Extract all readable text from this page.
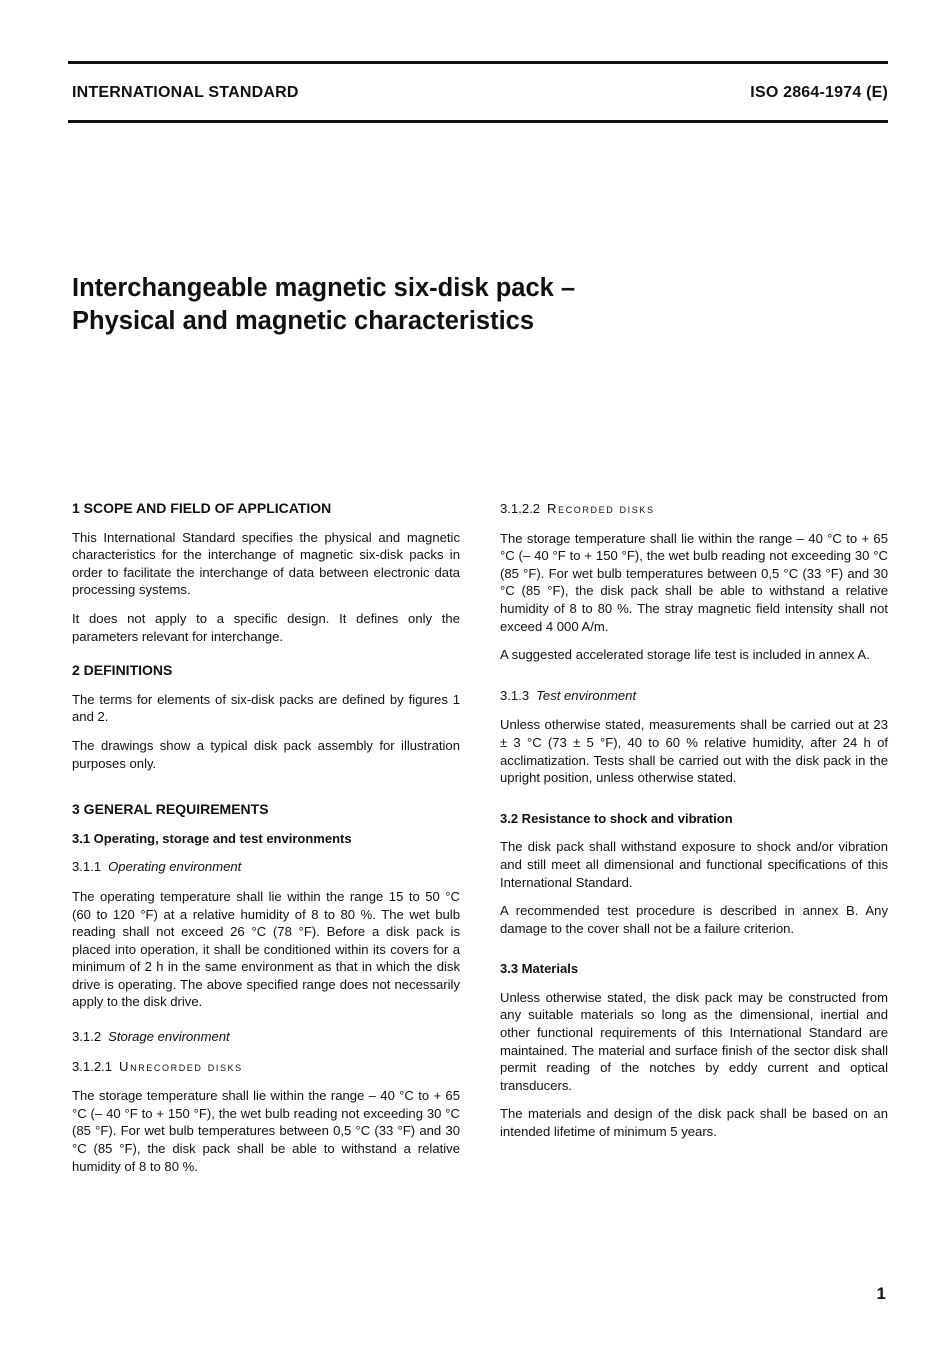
INTERNATIONAL STANDARD	ISO 2864-1974 (E)
Interchangeable magnetic six-disk pack –
Physical and magnetic characteristics
1 SCOPE AND FIELD OF APPLICATION

This International Standard specifies the physical and magnetic characteristics for the interchange of magnetic six-disk packs in order to facilitate the interchange of data between electronic data processing systems.

It does not apply to a specific design. It defines only the parameters relevant for interchange.

2 DEFINITIONS

The terms for elements of six-disk packs are defined by figures 1 and 2.

The drawings show a typical disk pack assembly for illustration purposes only.

3 GENERAL REQUIREMENTS
3.1 Operating, storage and test environments
3.1.1 Operating environment

The operating temperature shall lie within the range 15 to 50 °C (60 to 120 °F) at a relative humidity of 8 to 80 %. The wet bulb reading shall not exceed 26 °C (78 °F). Before a disk pack is placed into operation, it shall be conditioned within its covers for a minimum of 2 h in the same environment as that in which the disk drive is operating. The above specified range does not necessarily apply to the disk drive.

3.1.2 Storage environment
3.1.2.1 Unrecorded disks

The storage temperature shall lie within the range – 40 °C to + 65 °C (– 40 °F to + 150 °F), the wet bulb reading not exceeding 30 °C (85 °F). For wet bulb temperatures between 0,5 °C (33 °F) and 30 °C (85 °F), the disk pack shall be able to withstand a relative humidity of 8 to 80 %.

3.1.2.2 Recorded disks

The storage temperature shall lie within the range – 40 °C to + 65 °C (– 40 °F to + 150 °F), the wet bulb reading not exceeding 30 °C (85 °F). For wet bulb temperatures between 0,5 °C (33 °F) and 30 °C (85 °F), the disk pack shall be able to withstand a relative humidity of 8 to 80 %. The stray magnetic field intensity shall not exceed 4 000 A/m.

A suggested accelerated storage life test is included in annex A.

3.1.3 Test environment

Unless otherwise stated, measurements shall be carried out at 23 ± 3 °C (73 ± 5 °F), 40 to 60 % relative humidity, after 24 h of acclimatization. Tests shall be carried out with the disk pack in the upright position, unless otherwise stated.

3.2 Resistance to shock and vibration

The disk pack shall withstand exposure to shock and/or vibration and still meet all dimensional and functional specifications of this International Standard.

A recommended test procedure is described in annex B. Any damage to the cover shall not be a failure criterion.

3.3 Materials

Unless otherwise stated, the disk pack may be constructed from any suitable materials so long as the dimensional, inertial and other functional requirements of this International Standard are maintained. The material and surface finish of the sector disk shall permit reading of the notches by eddy current and optical transducers.

The materials and design of the disk pack shall be based on an intended lifetime of minimum 5 years.

1
